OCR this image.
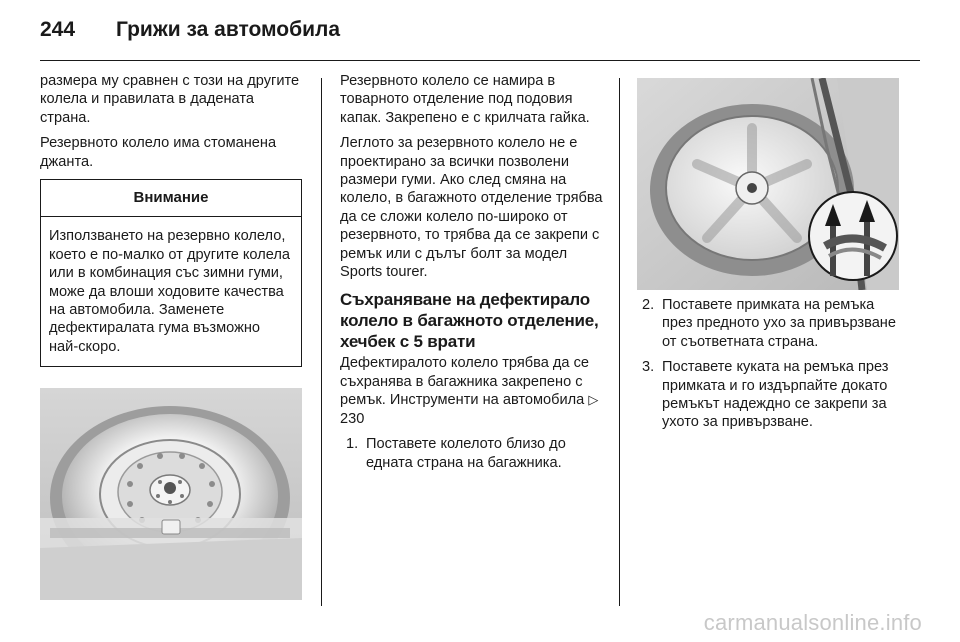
244 Грижи за автомобила

размера му сравнен с този на другите колела и правилата в дадената страна.

Резервното колело има стоманена джанта.

Внимание
Използването на резервно колело, което е по-малко от другите колела или в комбинация със зимни гуми, може да влоши ходовите качества на автомобила. Заменете дефектиралата гума възможно най-скоро.

Резервното колело се намира в товарното отделение под подовия капак. Закрепено е с крилчата гайка.

Леглото за резервното колело не е проектирано за всички позволени размери гуми. Ако след смяна на колело, в багажното отделение трябва да се сложи колело по-широко от резервното, то трябва да се закрепи с ремък или с дълъг болт за модел Sports tourer.

Съхраняване на дефектирало колело в багажното отделение, хечбек с 5 врати

Дефектиралото колело трябва да се съхранява в багажника закрепено с ремък. Инструменти на автомобила ▷ 230

1. Поставете колелото близо до едната страна на багажника.
2. Поставете примката на ремъка през предното ухо за привързване от съответната страна.
3. Поставете куката на ремъка през примката и го издърпайте докато ремъкът надеждно се закрепи за ухото за привързване.
carmanualsonline.info
